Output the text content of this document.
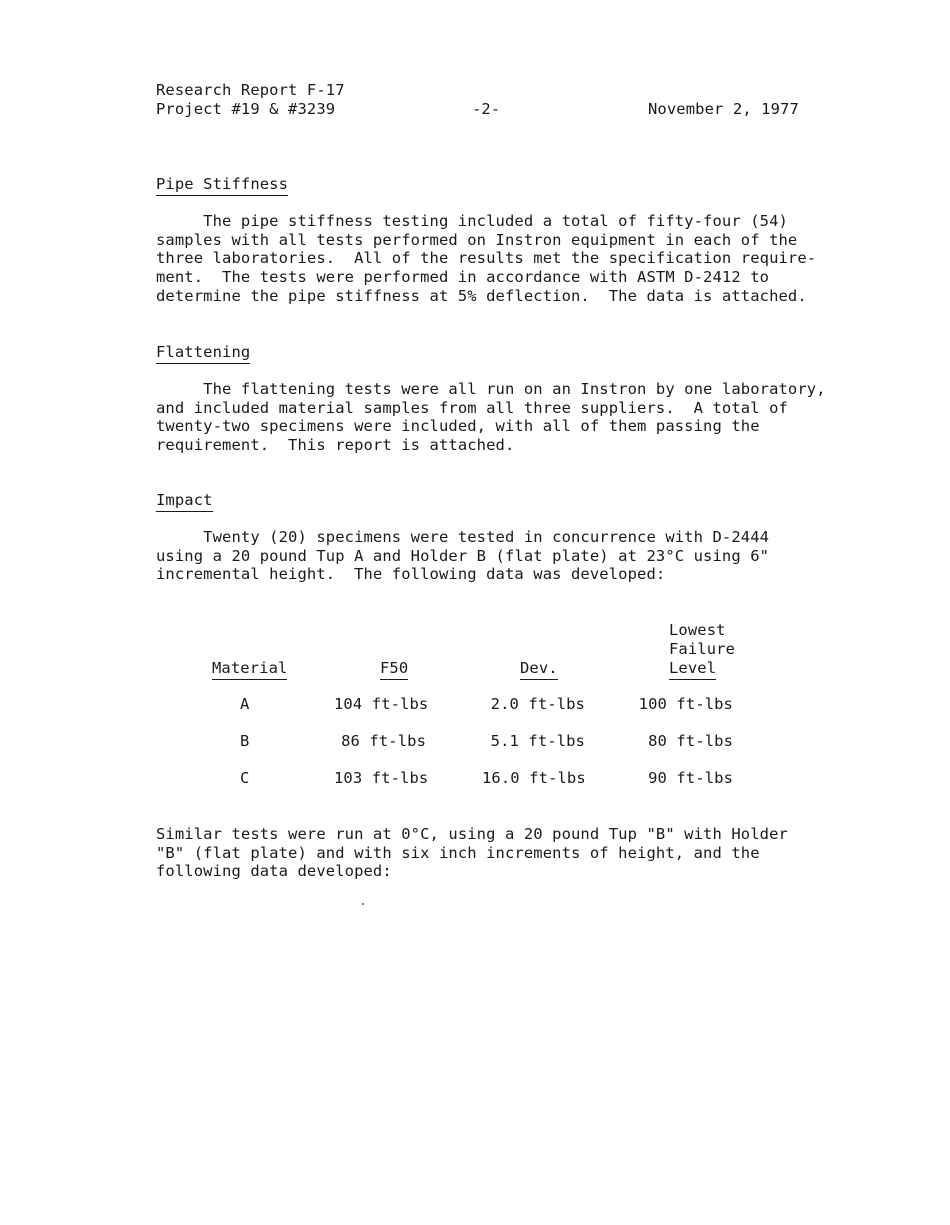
Research Report F-17
Project #19 & #3239	-2-	November 2, 1977
Pipe Stiffness
The pipe stiffness testing included a total of fifty-four (54)
samples with all tests performed on Instron equipment in each of the
three laboratories.  All of the results met the specification require-
ment.  The tests were performed in accordance with ASTM D-2412 to
determine the pipe stiffness at 5% deflection.  The data is attached.
Flattening
The flattening tests were all run on an Instron by one laboratory,
and included material samples from all three suppliers.  A total of
twenty-two specimens were included, with all of them passing the
requirement.  This report is attached.
Impact
Twenty (20) specimens were tested in concurrence with D-2444
using a 20 pound Tup A and Holder B (flat plate) at 23°C using 6"
incremental height.  The following data was developed:
Material	F50	Dev.
Lowest
Failure
Level
A	104 ft-lbs	2.0 ft-lbs	100 ft-lbs
B	86 ft-lbs	5.1 ft-lbs	80 ft-lbs
C	103 ft-lbs	16.0 ft-lbs	90 ft-lbs
Similar tests were run at 0°C, using a 20 pound Tup "B" with Holder
"B" (flat plate) and with six inch increments of height, and the
following data developed:
